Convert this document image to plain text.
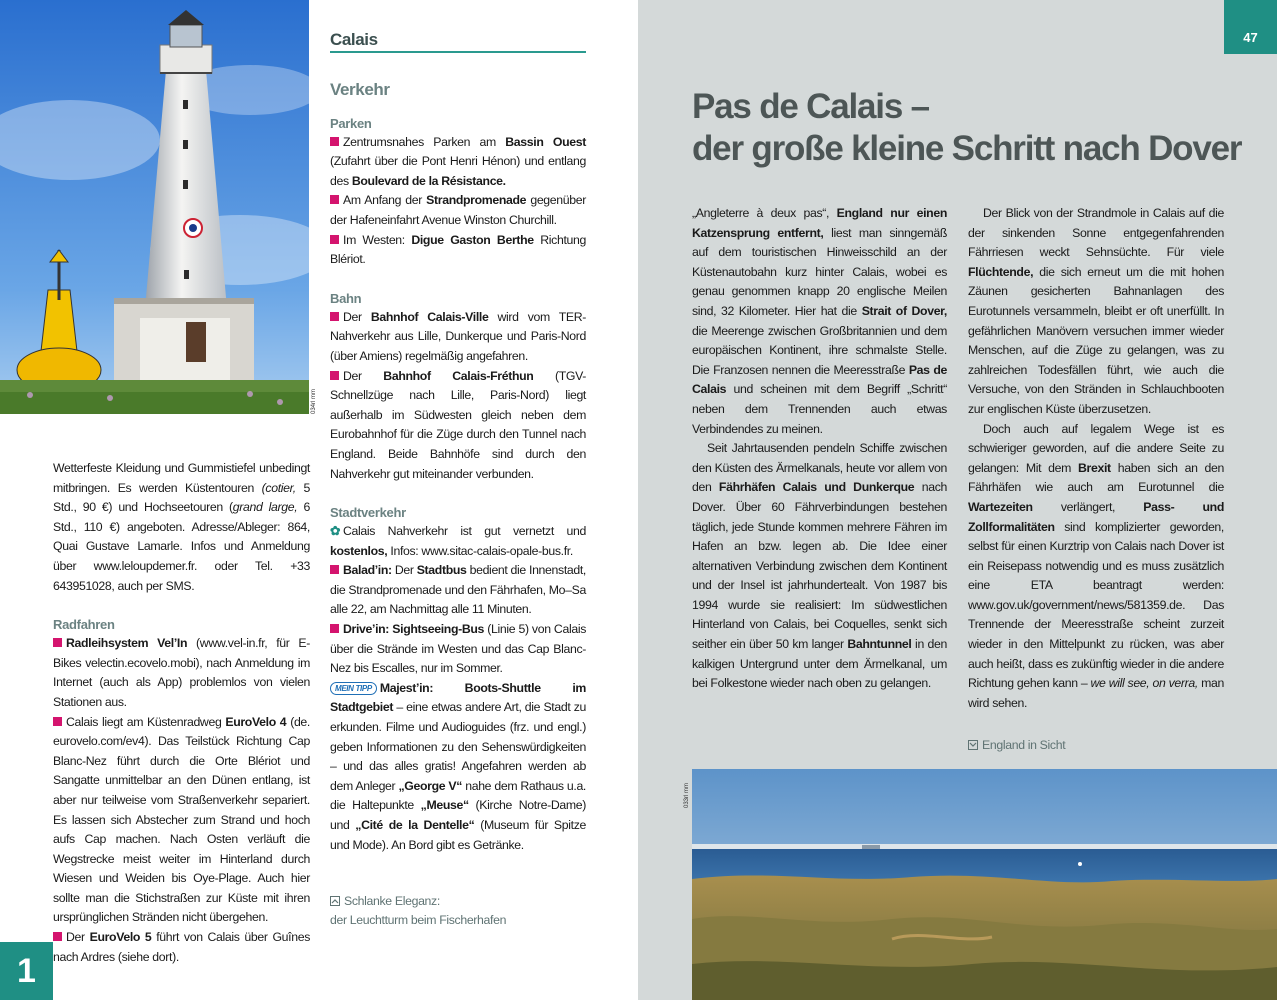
034rl mm

Wetterfeste Kleidung und Gummistiefel unbedingt mitbringen. Es werden Küstentouren (cotier, 5 Std., 90 €) und Hochseetouren (grand large, 6 Std., 110 €) angeboten. Adresse/Ableger: 864, Quai Gustave Lamarle. Infos und Anmeldung über www.leloupdemer.fr. oder Tel. +33 643951028, auch per SMS.

Radfahren

Radleihsystem Vel’In (www.vel-in.fr, für E-Bikes velectin.ecovelo.mobi), nach Anmeldung im Internet (auch als App) problemlos von vielen Stationen aus.

Calais liegt am Küstenradweg EuroVelo 4 (de. eurovelo.com/ev4). Das Teilstück Richtung Cap Blanc-Nez führt durch die Orte Blériot und Sangatte unmittelbar an den Dünen entlang, ist aber nur teilweise vom Straßenverkehr separiert. Es lassen sich Abstecher zum Strand und hoch aufs Cap machen. Nach Osten verläuft die Wegstrecke meist weiter im Hinterland durch Wiesen und Weiden bis Oye-Plage. Auch hier sollte man die Stichstraßen zur Küste mit ihren ursprünglichen Stränden nicht übergehen.

Der EuroVelo 5 führt von Calais über Guînes nach Ardres (siehe dort).

Calais
Verkehr
Parken

Zentrumsnahes Parken am Bassin Ouest (Zufahrt über die Pont Henri Hénon) und entlang des Boulevard de la Résistance.

Am Anfang der Strandpromenade gegenüber der Hafeneinfahrt Avenue Winston Churchill.

Im Westen: Digue Gaston Berthe Richtung Blériot.

Bahn

Der Bahnhof Calais-Ville wird vom TER-Nahverkehr aus Lille, Dunkerque und Paris-Nord (über Amiens) regelmäßig angefahren.

Der Bahnhof Calais-Fréthun (TGV-Schnellzüge nach Lille, Paris-Nord) liegt außerhalb im Südwesten gleich neben dem Eurobahnhof für die Züge durch den Tunnel nach England. Beide Bahnhöfe sind durch den Nahverkehr gut miteinander verbunden.

Stadtverkehr

✿ Calais Nahverkehr ist gut vernetzt und kostenlos, Infos: www.sitac-calais-opale-bus.fr.

Balad’in: Der Stadtbus bedient die Innenstadt, die Strandpromenade und den Fährhafen, Mo–Sa alle 22, am Nachmittag alle 11 Minuten.

Drive’in: Sightseeing-Bus (Linie 5) von Calais über die Strände im Westen und das Cap Blanc-Nez bis Escalles, nur im Sommer.

MEIN TIPP Majest’in: Boots-Shuttle im Stadtgebiet – eine etwas andere Art, die Stadt zu erkunden. Filme und Audioguides (frz. und engl.) geben Informationen zu den Sehenswürdigkeiten – und das alles gratis! Angefahren werden ab dem Anleger „George V“ nahe dem Rathaus u.a. die Haltepunkte „Meuse“ (Kirche Notre-Dame) und „Cité de la Dentelle“ (Museum für Spitze und Mode). An Bord gibt es Getränke.

Schlanke Eleganz:
der Leuchtturm beim Fischerhafen
1
47
Pas de Calais –
der große kleine Schritt nach Dover

„Angleterre à deux pas“, England nur einen Katzensprung entfernt, liest man sinngemäß auf dem touristischen Hinweisschild an der Küstenautobahn kurz hinter Calais, wobei es genau genommen knapp 20 englische Meilen sind, 32 Kilometer. Hier hat die Strait of Dover, die Meerenge zwischen Großbritannien und dem europäischen Kontinent, ihre schmalste Stelle. Die Franzosen nennen die Meeresstraße Pas de Calais und scheinen mit dem Begriff „Schritt“ neben dem Trennenden auch etwas Verbindendes zu meinen.

Seit Jahrtausenden pendeln Schiffe zwischen den Küsten des Ärmelkanals, heute vor allem von den Fährhäfen Calais und Dunkerque nach Dover. Über 60 Fährverbindungen bestehen täglich, jede Stunde kommen mehrere Fähren im Hafen an bzw. legen ab. Die Idee einer alternativen Verbindung zwischen dem Kontinent und der Insel ist jahrhundertealt. Von 1987 bis 1994 wurde sie realisiert: Im südwestlichen Hinterland von Calais, bei Coquelles, senkt sich seither ein über 50 km langer Bahntunnel in den kalkigen Untergrund unter dem Ärmelkanal, um bei Folkestone wieder nach oben zu gelangen.

Der Blick von der Strandmole in Calais auf die der sinkenden Sonne entgegenfahrenden Fährriesen weckt Sehnsüchte. Für viele Flüchtende, die sich erneut um die mit hohen Zäunen gesicherten Bahnanlagen des Eurotunnels versammeln, bleibt er oft unerfüllt. In gefährlichen Manövern versuchen immer wieder Menschen, auf die Züge zu gelangen, was zu zahlreichen Todesfällen führt, wie auch die Versuche, von den Stränden in Schlauchbooten zur englischen Küste überzusetzen.

Doch auch auf legalem Wege ist es schwieriger geworden, auf die andere Seite zu gelangen: Mit dem Brexit haben sich an den Fährhäfen wie auch am Eurotunnel die Wartezeiten verlängert, Pass- und Zollformalitäten sind komplizierter geworden, selbst für einen Kurztrip von Calais nach Dover ist ein Reisepass notwendig und es muss zusätzlich eine ETA beantragt werden: www.gov.uk/government/news/581359.de. Das Trennende der Meeresstraße scheint zurzeit wieder in den Mittelpunkt zu rücken, was aber auch heißt, dass es zukünftig wieder in die andere Richtung gehen kann – we will see, on verra, man wird sehen.

England in Sicht
033rl mm
